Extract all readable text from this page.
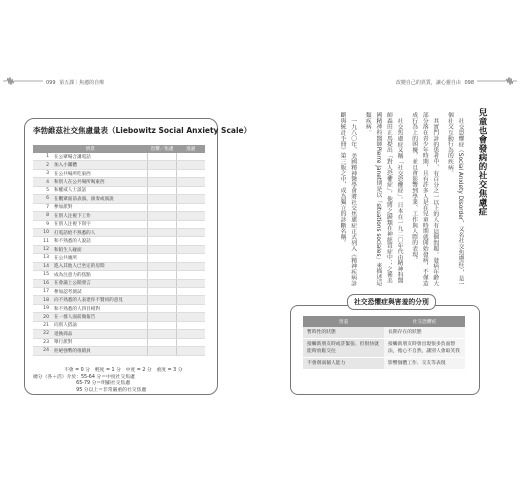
099 第五課｜焦慮的自療	改變自己的異質，讓心靈自由 098
李勃維茲社交焦慮量表（Liebowitz Social Anxiety Scale）
情景		恐懼／焦慮	逃避
1	在公眾場合講電話		
2	加入小團體		
3	在公共場所吃東西		
4	和別人在公共場所喝東西		
5	和權威人士談話		
6	在觀眾面前表演、演奏或演說		
7	參加派對		
8	在別人注視下工作		
9	在別人注視下寫字		
10	打電話給不熟悉的人		
11	和不熟悉的人說話		
12	和陌生人碰面		
13	在公共廁所		
14	進入其他人已坐定的房間		
15	成為注意力的焦點		
16	在會議上公開發言		
17	參加認考測試		
18	向不熟悉的人表達你不贊同的意見		
19	和不熟悉的人四目相對		
20	在一群人面前做報告		
21	向別人搭訕		
22	退換商品		
23	舉行派對		
24	拒絕強勢的推銷員		
不會 = 0 分　輕度 = 1 分　中度 = 2 分　重度 = 3 分
總分（各＋活）介於：55-64 分＝中度社交焦慮
　　　　　　　　　65-79 分＝明顯社交焦慮
　　　　　　　　　95 分以上＝非常嚴重的社交焦慮
兒童也會發病的社交焦慮症

社交恐懼症（Social Anxiety Disorder，又名社交焦慮症），是一個社交互動行為的疾病。

其實門診的患者中，有百分之一以上的人有這個問題。發病年齡大部分落在青少年時期，且有許多人是在兒童時期就開始發病，不僅造成行為上的困擾，並且會影響到學業、工作與人際的表現。

社交焦慮症又稱「社交恐懼症」。日本在一九二〇年代由精神科醫師森田正馬提出「對人恐懼症」，他將之歸類在神經質症中；之後美國精神科醫師Pierre Janet則是以「situations sociales」來描述這類疾病。

一九八〇年，美國精神醫學會將社交焦慮症正式列入《精神疾病診斷與統計手冊》第三版之中，成為獨立的診斷名稱。

社交恐懼症與害羞的分別
害羞	社交恐懼症
暫時性的狀態	長期存在的狀態
接觸新朋友時或許緊張、但很快就能夠放鬆交往	接觸新朋友時會出現很多負面想法，擔心不自然，讓別人會取笑我
不會削弱個人能力	影響個體工作、交友等表現
